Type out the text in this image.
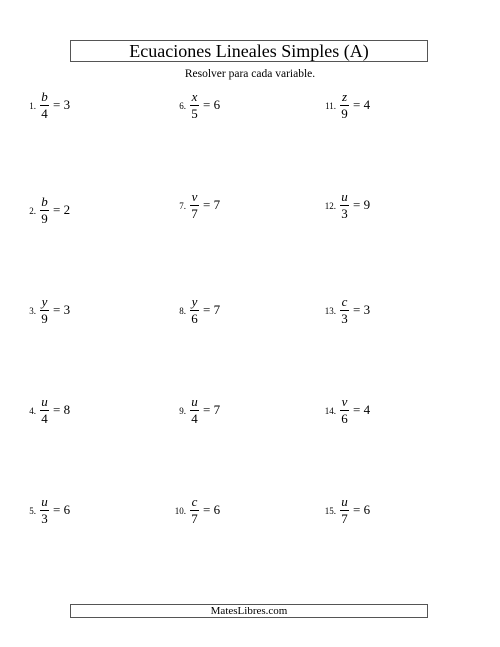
Ecuaciones Lineales Simples (A)
Resolver para cada variable.
1. $\frac{b}{4} = 3$
2. $\frac{b}{9} = 2$
3. $\frac{y}{9} = 3$
4. $\frac{u}{4} = 8$
5. $\frac{u}{3} = 6$
6. $\frac{x}{5} = 6$
7. $\frac{v}{7} = 7$
8. $\frac{y}{6} = 7$
9. $\frac{u}{4} = 7$
10. $\frac{c}{7} = 6$
11. $\frac{z}{9} = 4$
12. $\frac{u}{3} = 9$
13. $\frac{c}{3} = 3$
14. $\frac{v}{6} = 4$
15. $\frac{u}{7} = 6$
MatesLibres.com
